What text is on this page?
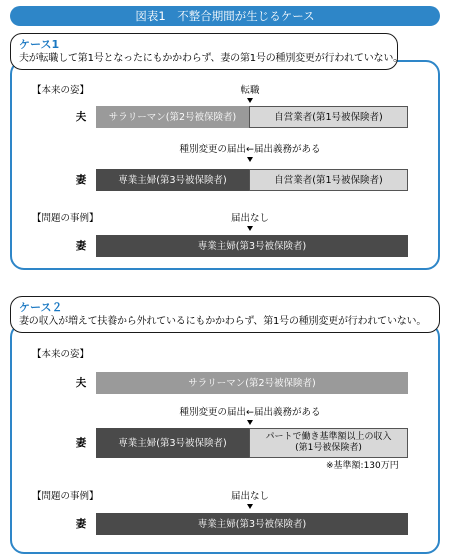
図表1　不整合期間が生じるケース
ケース1
夫が転職して第1号となったにもかかわらず、妻の第1号の種別変更が行われていない。
【本来の姿】	転職
夫	サラリーマン(第2号被保険者)	自営業者(第1号被保険者)
種別変更の届出←届出義務がある
妻	専業主婦(第3号被保険者)	自営業者(第1号被保険者)
【問題の事例】	届出なし
妻	専業主婦(第3号被保険者)
ケース２
妻の収入が増えて扶養から外れているにもかかわらず、第1号の種別変更が行われていない。
【本来の姿】
夫	サラリーマン(第2号被保険者)
種別変更の届出←届出義務がある
妻	専業主婦(第3号被保険者)
パートで働き基準額以上の収入
(第1号被保険者)
※基準額:130万円
【問題の事例】	届出なし
妻	専業主婦(第3号被保険者)
